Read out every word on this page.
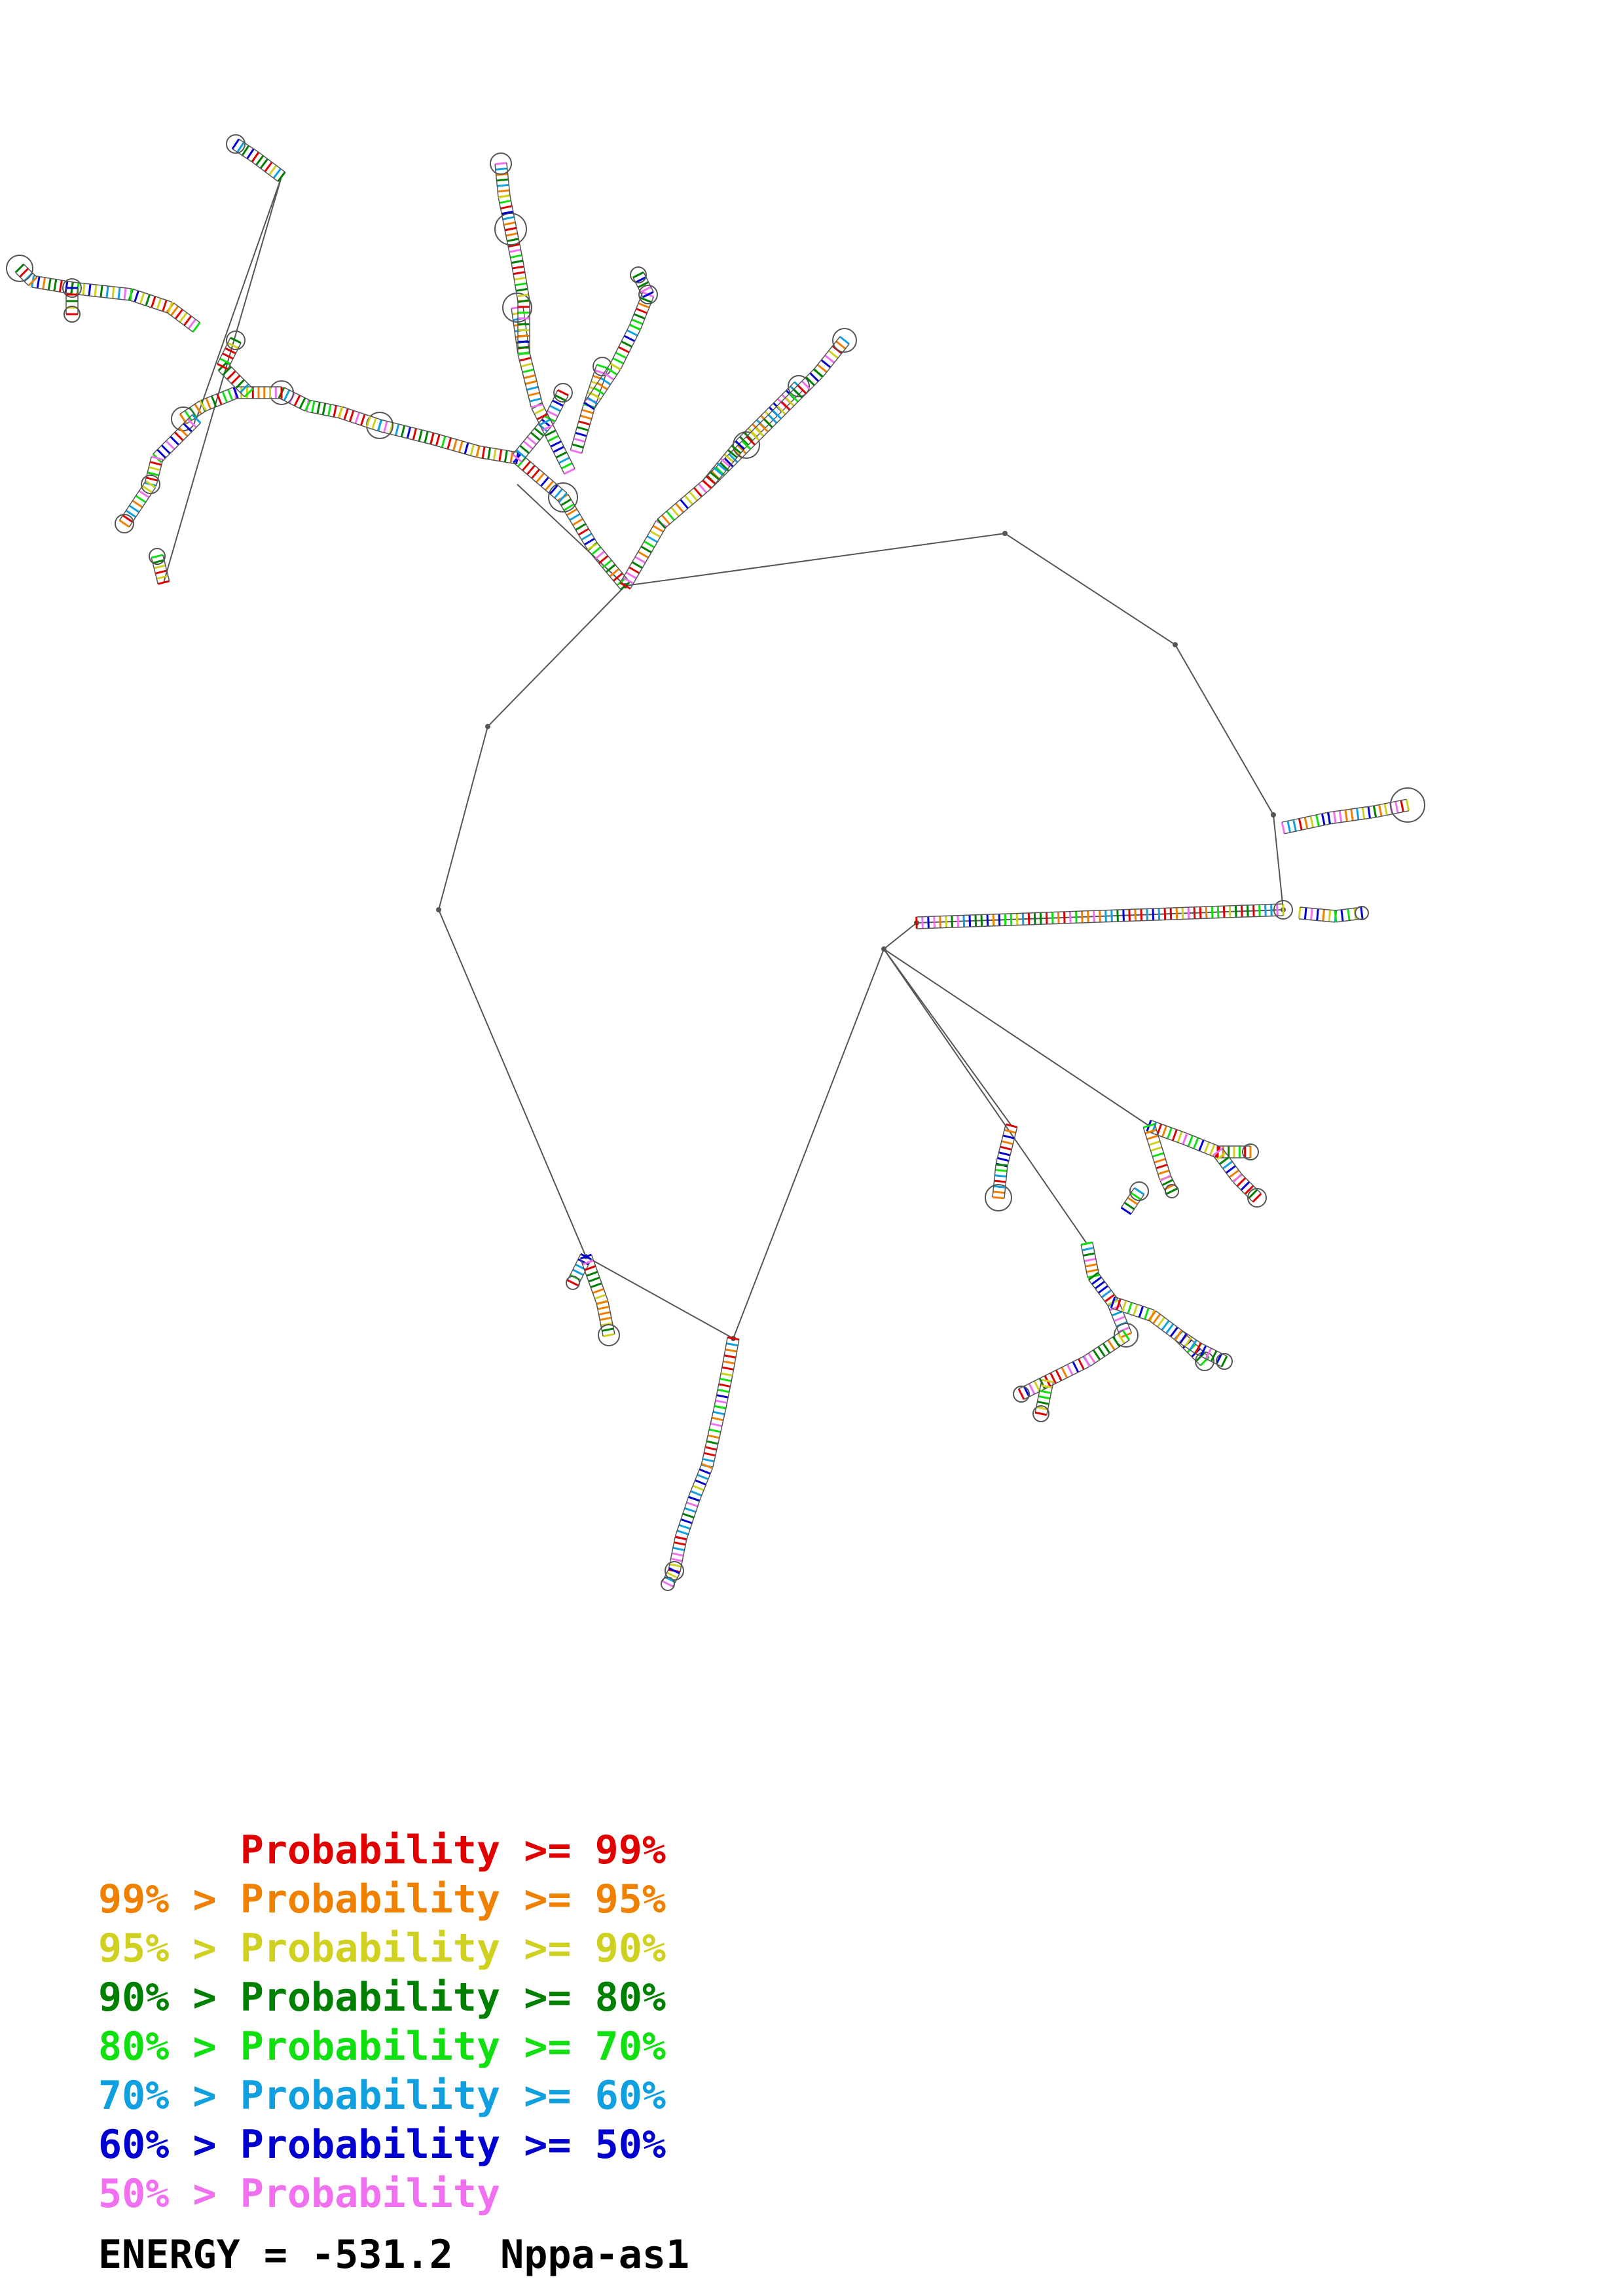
Probability >= 99%
99% > Probability >= 95%
95% > Probability >= 90%
90% > Probability >= 80%
80% > Probability >= 70%
70% > Probability >= 60%
60% > Probability >= 50%
50% > Probability
ENERGY = -531.2 Nppa-as1
